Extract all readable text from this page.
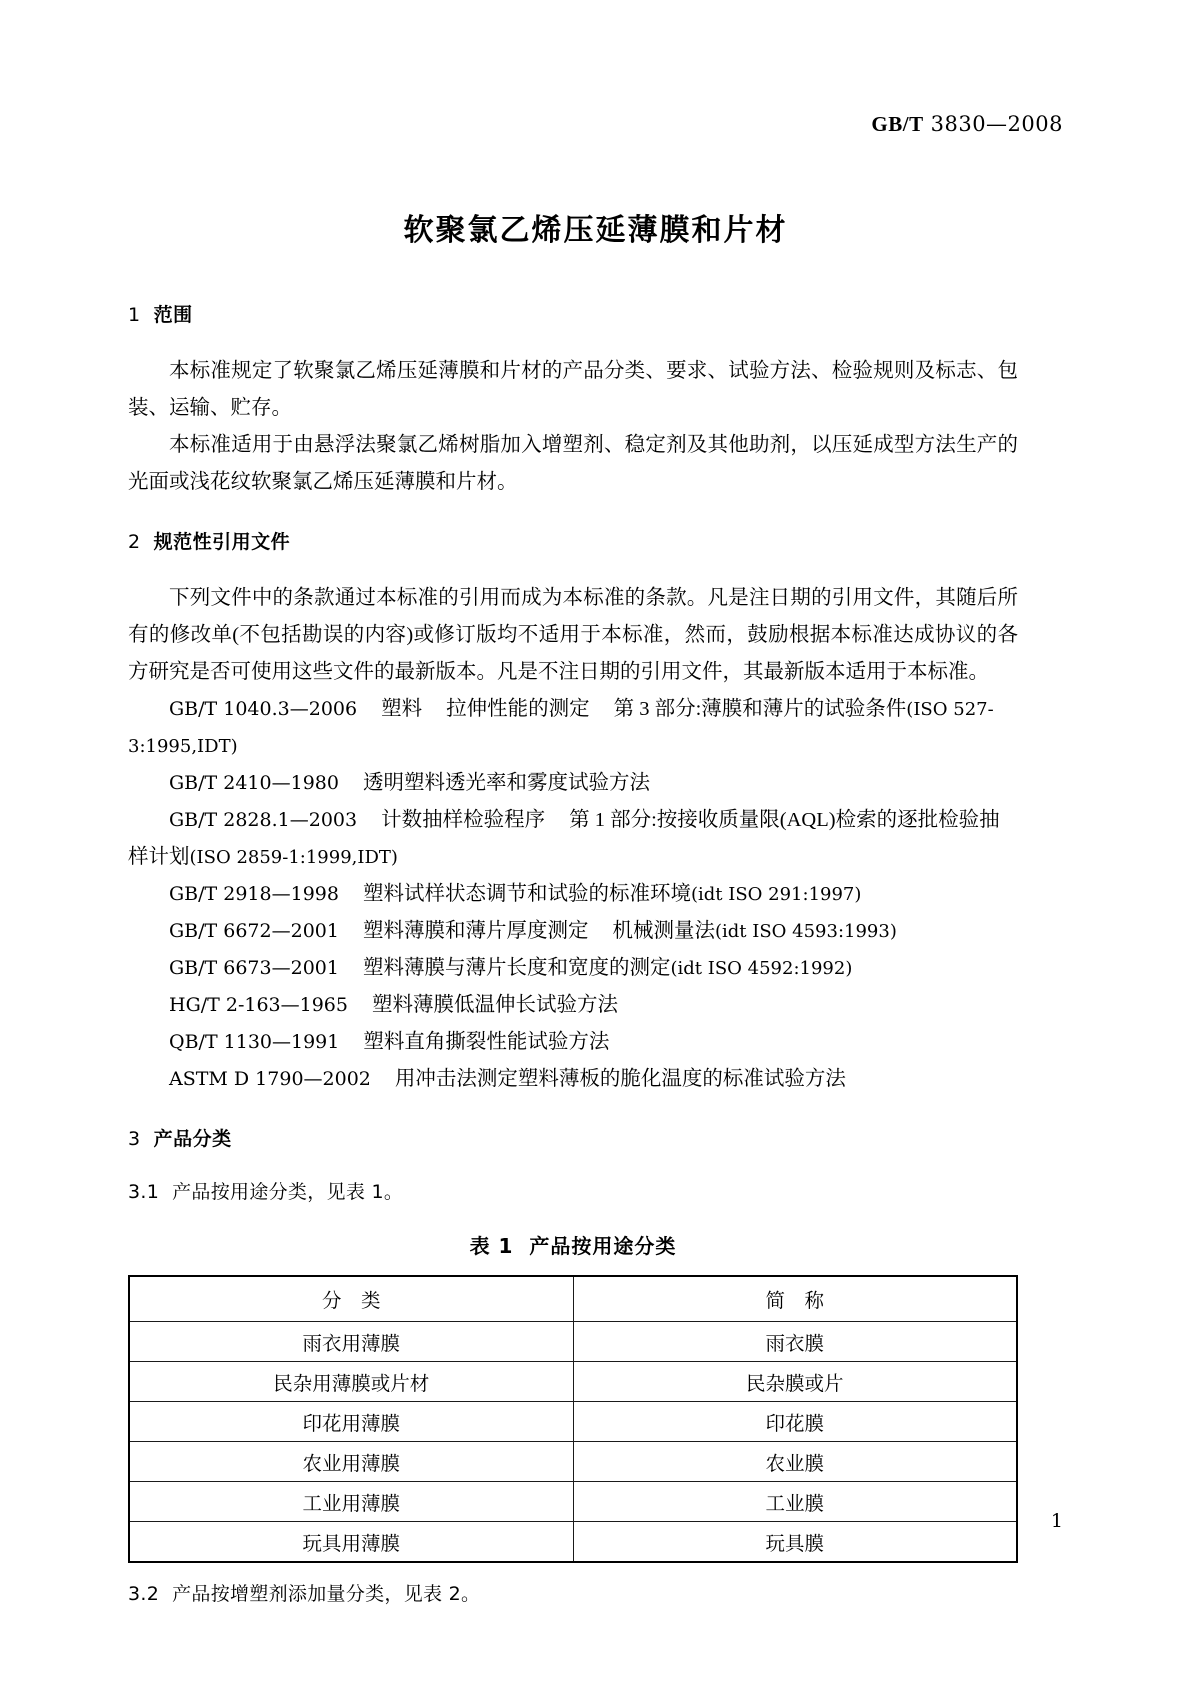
GB/T 3830—2008
软聚氯乙烯压延薄膜和片材
1 范围

本标准规定了软聚氯乙烯压延薄膜和片材的产品分类、要求、试验方法、检验规则及标志、包装、运输、贮存。

本标准适用于由悬浮法聚氯乙烯树脂加入增塑剂、稳定剂及其他助剂，以压延成型方法生产的光面或浅花纹软聚氯乙烯压延薄膜和片材。

2 规范性引用文件

下列文件中的条款通过本标准的引用而成为本标准的条款。凡是注日期的引用文件，其随后所有的修改单(不包括勘误的内容)或修订版均不适用于本标准，然而，鼓励根据本标准达成协议的各方研究是否可使用这些文件的最新版本。凡是不注日期的引用文件，其最新版本适用于本标准。

GB/T 1040.3—2006 塑料 拉伸性能的测定 第 3 部分:薄膜和薄片的试验条件(ISO 527-3:1995,IDT)

GB/T 2410—1980 透明塑料透光率和雾度试验方法

GB/T 2828.1—2003 计数抽样检验程序 第 1 部分:按接收质量限(AQL)检索的逐批检验抽样计划(ISO 2859-1:1999,IDT)

GB/T 2918—1998 塑料试样状态调节和试验的标准环境(idt ISO 291:1997)

GB/T 6672—2001 塑料薄膜和薄片厚度测定 机械测量法(idt ISO 4593:1993)

GB/T 6673—2001 塑料薄膜与薄片长度和宽度的测定(idt ISO 4592:1992)

HG/T 2-163—1965 塑料薄膜低温伸长试验方法

QB/T 1130—1991 塑料直角撕裂性能试验方法

ASTM D 1790—2002 用冲击法测定塑料薄板的脆化温度的标准试验方法

3 产品分类
3.1 产品按用途分类，见表 1。
表 1 产品按用途分类
分　类	简　称
雨衣用薄膜	雨衣膜
民杂用薄膜或片材	民杂膜或片
印花用薄膜	印花膜
农业用薄膜	农业膜
工业用薄膜	工业膜
玩具用薄膜	玩具膜
3.2 产品按增塑剂添加量分类，见表 2。
1
